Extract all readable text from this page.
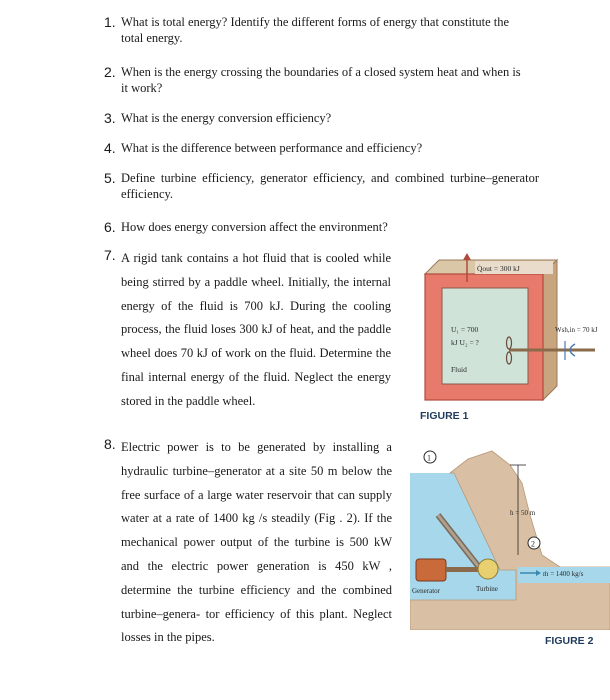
1. What is total energy? Identify the different forms of energy that constitute the total energy.
2. When is the energy crossing the boundaries of a closed system heat and when is it work?
3. What is the energy conversion efficiency?
4. What is the difference between performance and efficiency?
5. Define turbine efficiency, generator efficiency, and combined turbine–generator efficiency.
6. How does energy conversion affect the environment?
7. A rigid tank contains a hot fluid that is cooled while being stirred by a paddle wheel. Initially, the internal energy of the fluid is 700 kJ. During the cooling process, the fluid loses 300 kJ of heat, and the paddle wheel does 70 kJ of work on the fluid. Determine the final internal energy of the fluid. Neglect the energy stored in the paddle wheel.
8. Electric power is to be generated by installing a hydraulic turbine–generator at a site 50 m below the free surface of a large water reservoir that can supply water at a rate of 1400 kg /s steadily (Fig . 2). If the mechanical power output of the turbine is 500 kW and the electric power generation is 450 kW , determine the turbine efficiency and the combined turbine–genera- tor efficiency of this plant. Neglect losses in the pipes.
Q̇out = 300 kJ
U₁ = 700
kJ U₂ = ?
Fluid
Wsh,in = 70 kJ
FIGURE 1
1
2
h = 50 m
ṁ = 1400 kg/s
Generator	Turbine
FIGURE 2
